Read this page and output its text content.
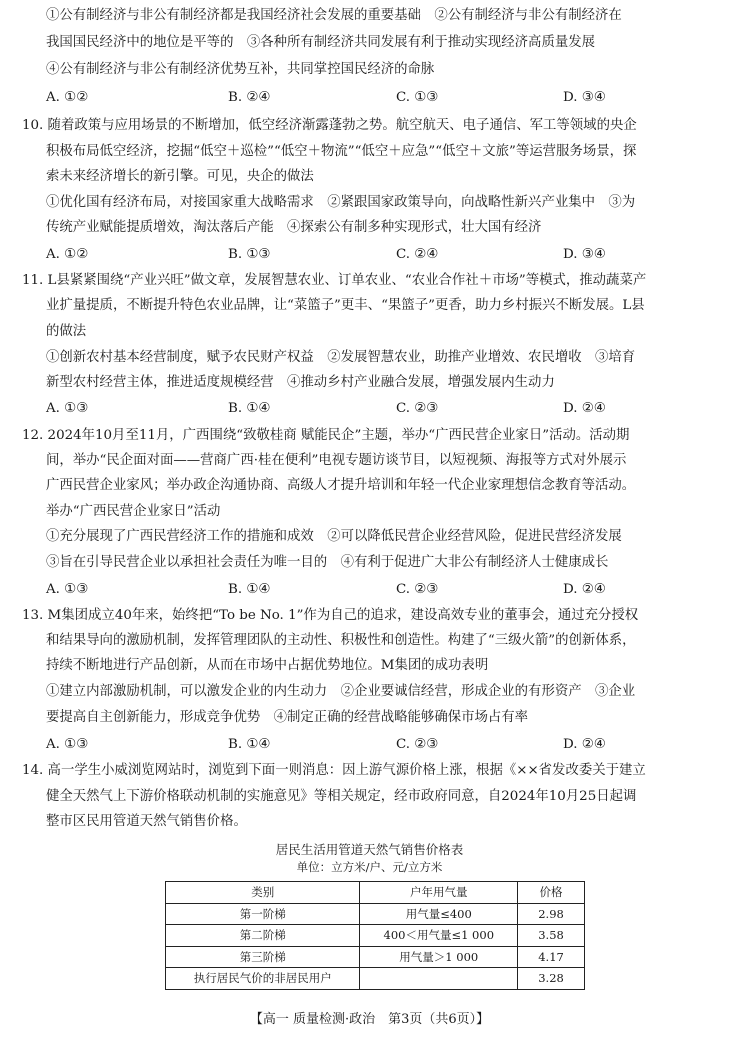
①公有制经济与非公有制经济都是我国经济社会发展的重要基础　②公有制经济与非公有制经济在
我国国民经济中的地位是平等的　③各种所有制经济共同发展有利于推动实现经济高质量发展
④公有制经济与非公有制经济优势互补，共同掌控国民经济的命脉
A. ①②	B. ②④	C. ①③	D. ③④
10. 随着政策与应用场景的不断增加，低空经济渐露蓬勃之势。航空航天、电子通信、军工等领域的央企
积极布局低空经济，挖掘“低空＋巡检”“低空＋物流”“低空＋应急”“低空＋文旅”等运营服务场景，探
索未来经济增长的新引擎。可见，央企的做法
①优化国有经济布局，对接国家重大战略需求　②紧跟国家政策导向，向战略性新兴产业集中　③为
传统产业赋能提质增效，淘汰落后产能　④探索公有制多种实现形式，壮大国有经济
A. ①②	B. ①③	C. ②④	D. ③④
11. L县紧紧围绕“产业兴旺”做文章，发展智慧农业、订单农业、“农业合作社＋市场”等模式，推动蔬菜产
业扩量提质，不断提升特色农业品牌，让“菜篮子”更丰、“果篮子”更香，助力乡村振兴不断发展。L县
的做法
①创新农村基本经营制度，赋予农民财产权益　②发展智慧农业，助推产业增效、农民增收　③培育
新型农村经营主体，推进适度规模经营　④推动乡村产业融合发展，增强发展内生动力
A. ①③	B. ①④	C. ②③	D. ②④
12. 2024年10月至11月，广西围绕“致敬桂商 赋能民企”主题，举办“广西民营企业家日”活动。活动期
间，举办“民企面对面——营商广西·桂在便利”电视专题访谈节目，以短视频、海报等方式对外展示
广西民营企业家风；举办政企沟通协商、高级人才提升培训和年轻一代企业家理想信念教育等活动。
举办“广西民营企业家日”活动
①充分展现了广西民营经济工作的措施和成效　②可以降低民营企业经营风险，促进民营经济发展
③旨在引导民营企业以承担社会责任为唯一目的　④有利于促进广大非公有制经济人士健康成长
A. ①③	B. ①④	C. ②③	D. ②④
13. M集团成立40年来，始终把“To be No. 1”作为自己的追求，建设高效专业的董事会，通过充分授权
和结果导向的激励机制，发挥管理团队的主动性、积极性和创造性。构建了“三级火箭”的创新体系，
持续不断地进行产品创新，从而在市场中占据优势地位。M集团的成功表明
①建立内部激励机制，可以激发企业的内生动力　②企业要诚信经营，形成企业的有形资产　③企业
要提高自主创新能力，形成竞争优势　④制定正确的经营战略能够确保市场占有率
A. ①③	B. ①④	C. ②③	D. ②④
14. 高一学生小威浏览网站时，浏览到下面一则消息：因上游气源价格上涨，根据《××省发改委关于建立
健全天然气上下游价格联动机制的实施意见》等相关规定，经市政府同意，自2024年10月25日起调
整市区民用管道天然气销售价格。
居民生活用管道天然气销售价格表
单位：立方米/户、元/立方米
类别	户年用气量	价格
第一阶梯	用气量≤400	2.98
第二阶梯	400＜用气量≤1 000	3.58
第三阶梯	用气量＞1 000	4.17
执行居民气价的非居民用户		3.28
【高一 质量检测·政治　第3页（共6页）】
